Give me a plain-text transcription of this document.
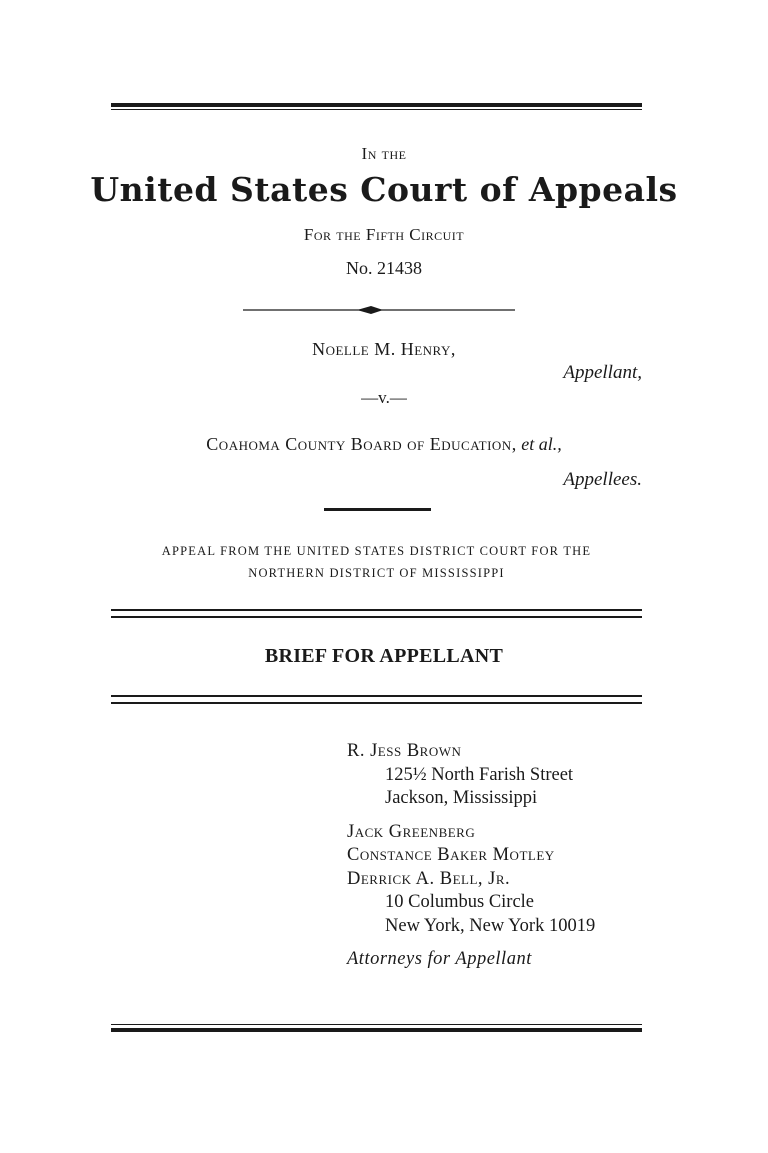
In the
United States Court of Appeals
For the Fifth Circuit
No. 21438
Noelle M. Henry,
Appellant,
—v.—
Coahoma County Board of Education, et al.,
Appellees.
APPEAL FROM THE UNITED STATES DISTRICT COURT FOR THE
NORTHERN DISTRICT OF MISSISSIPPI
BRIEF FOR APPELLANT
R. Jess Brown
125½ North Farish Street
Jackson, Mississippi
Jack Greenberg
Constance Baker Motley
Derrick A. Bell, Jr.
10 Columbus Circle
New York, New York 10019
Attorneys for Appellant
